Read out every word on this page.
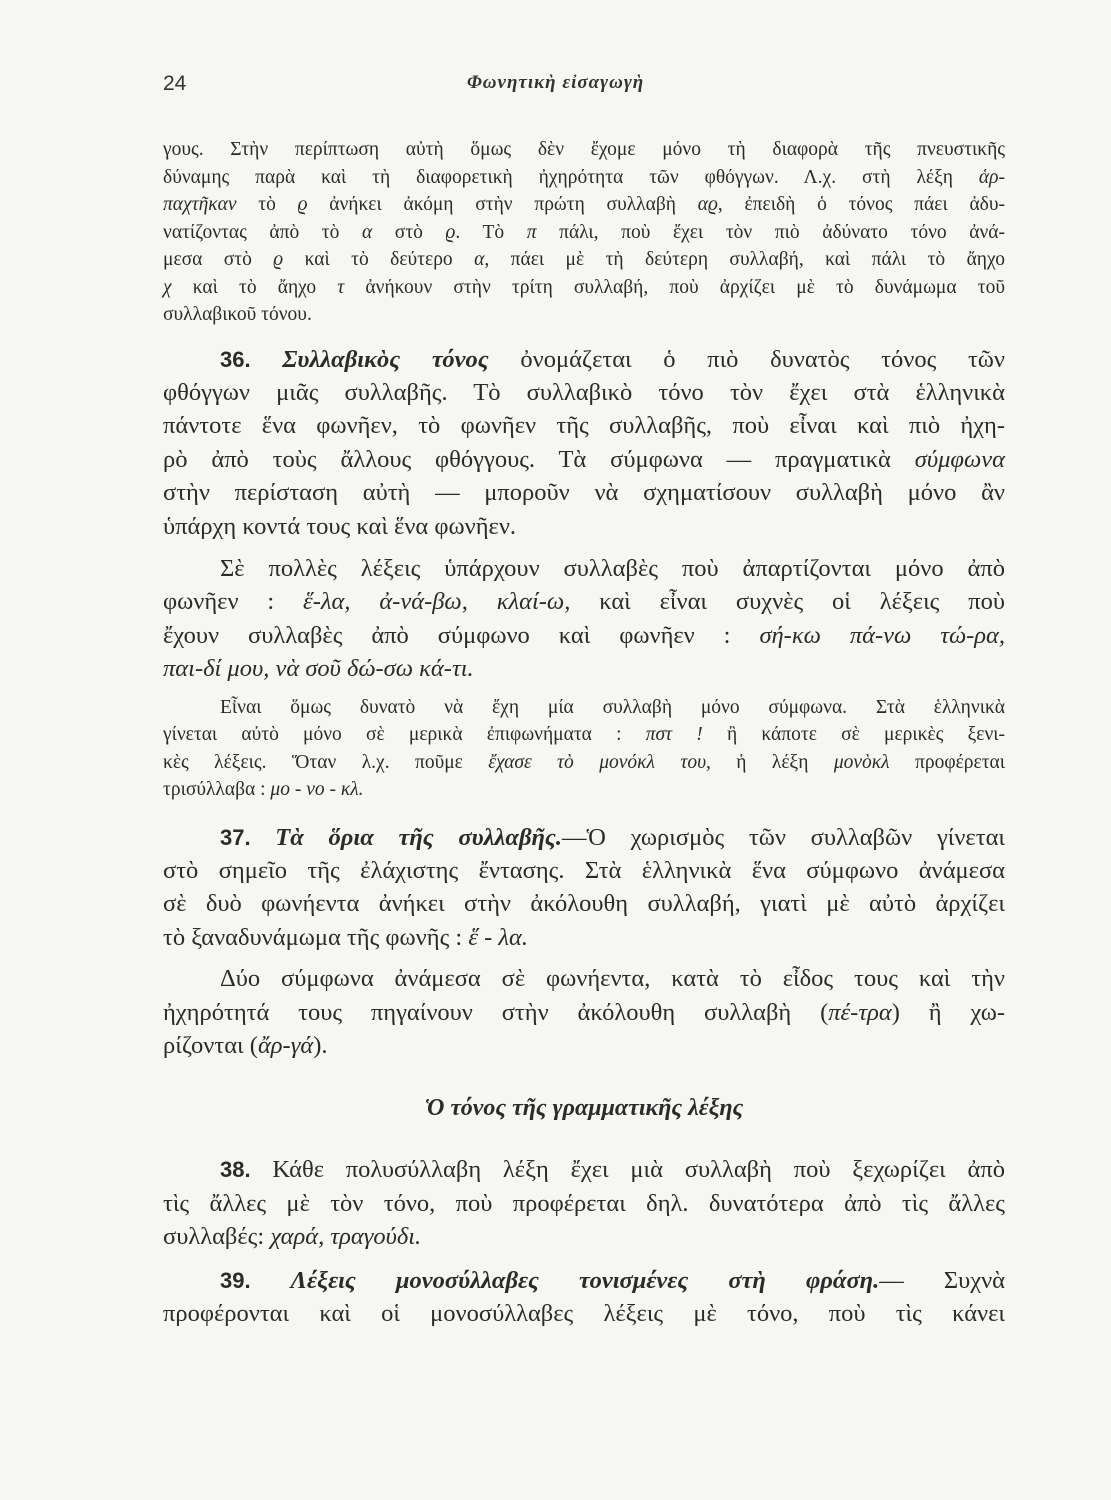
24	Φωνητικὴ εἰσαγωγὴ
γους. Στὴν περίπτωση αὐτὴ ὅμως δὲν ἔχομε μόνο τὴ διαφορὰ τῆς πνευστικῆς
δύναμης παρὰ καὶ τὴ διαφορετικὴ ἠχηρότητα τῶν φθόγγων. Λ.χ. στὴ λέξη ἁρ-
παχτῆκαν τὸ ϱ ἀνήκει ἀκόμη στὴν πρώτη συλλαβὴ αϱ, ἐπειδὴ ὁ τόνος πάει ἀδυ-
νατίζοντας ἀπὸ τὸ α στὸ ϱ. Τὸ π πάλι, ποὺ ἔχει τὸν πιὸ ἀδύνατο τόνο ἀνά-
μεσα στὸ ϱ καὶ τὸ δεύτερο α, πάει μὲ τὴ δεύτερη συλλαβή, καὶ πάλι τὸ ἄηχο
χ καὶ τὸ ἄηχο τ ἀνήκουν στὴν τρίτη συλλαβή, ποὺ ἀρχίζει μὲ τὸ δυνάμωμα τοῦ
συλλαβικοῦ τόνου.
36. Συλλαβικὸς τόνος ὀνομάζεται ὁ πιὸ δυνατὸς τόνος τῶν
φθόγγων μιᾶς συλλαβῆς. Τὸ συλλαβικὸ τόνο τὸν ἔχει στὰ ἑλληνικὰ
πάντοτε ἕνα φωνῆεν, τὸ φωνῆεν τῆς συλλαβῆς, ποὺ εἶναι καὶ πιὸ ἠχη-
ρὸ ἀπὸ τοὺς ἄλλους φθόγγους. Τὰ σύμφωνα — πραγματικὰ σύμφωνα
στὴν περίσταση αὐτὴ — μποροῦν νὰ σχηματίσουν συλλαβὴ μόνο ἂν
ὑπάρχη κοντά τους καὶ ἕνα φωνῆεν.
Σὲ πολλὲς λέξεις ὑπάρχουν συλλαβὲς ποὺ ἀπαρτίζονται μόνο ἀπὸ
φωνῆεν : ἕ-λα, ἀ-νά-βω, κλαί-ω, καὶ εἶναι συχνὲς οἱ λέξεις ποὺ
ἔχουν συλλαβὲς ἀπὸ σύμφωνο καὶ φωνῆεν : σή-κω πά-νω τώ-ρα,
παι-δί μου, νὰ σοῦ δώ-σω κά-τι.
Εἶναι ὅμως δυνατὸ νὰ ἔχη μία συλλαβὴ μόνο σύμφωνα. Στὰ ἑλληνικὰ
γίνεται αὐτὸ μόνο σὲ μερικὰ ἐπιφωνήματα : πστ ! ἢ κάποτε σὲ μερικὲς ξενι-
κὲς λέξεις. Ὅταν λ.χ. ποῦμε ἔχασε τὸ μονόκλ του, ἡ λέξη μονὸκλ προφέρεται
τρισύλλαβα : μο - νο - κλ.
37. Τὰ ὅρια τῆς συλλαβῆς.—Ὁ χωρισμὸς τῶν συλλαβῶν γίνεται
στὸ σημεῖο τῆς ἐλάχιστης ἔντασης. Στὰ ἑλληνικὰ ἕνα σύμφωνο ἀνάμεσα
σὲ δυὸ φωνήεντα ἀνήκει στὴν ἀκόλουθη συλλαβή, γιατὶ μὲ αὐτὸ ἀρχίζει
τὸ ξαναδυνάμωμα τῆς φωνῆς : ἕ - λα.
Δύο σύμφωνα ἀνάμεσα σὲ φωνήεντα, κατὰ τὸ εἶδος τους καὶ τὴν
ἠχηρότητά τους πηγαίνουν στὴν ἀκόλουθη συλλαβὴ (πέ-τρα) ἢ χω-
ρίζονται (ἄρ-γά).
Ὁ τόνος τῆς γραμματικῆς λέξης
38. Κάθε πολυσύλλαβη λέξη ἔχει μιὰ συλλαβὴ ποὺ ξεχωρίζει ἀπὸ
τὶς ἄλλες μὲ τὸν τόνο, ποὺ προφέρεται δηλ. δυνατότερα ἀπὸ τὶς ἄλλες
συλλαβές: χαρά, τραγούδι.
39. Λέξεις μονοσύλλαβες τονισμένες στὴ φράση.— Συχνὰ
προφέρονται καὶ οἱ μονοσύλλαβες λέξεις μὲ τόνο, ποὺ τὶς κάνει
